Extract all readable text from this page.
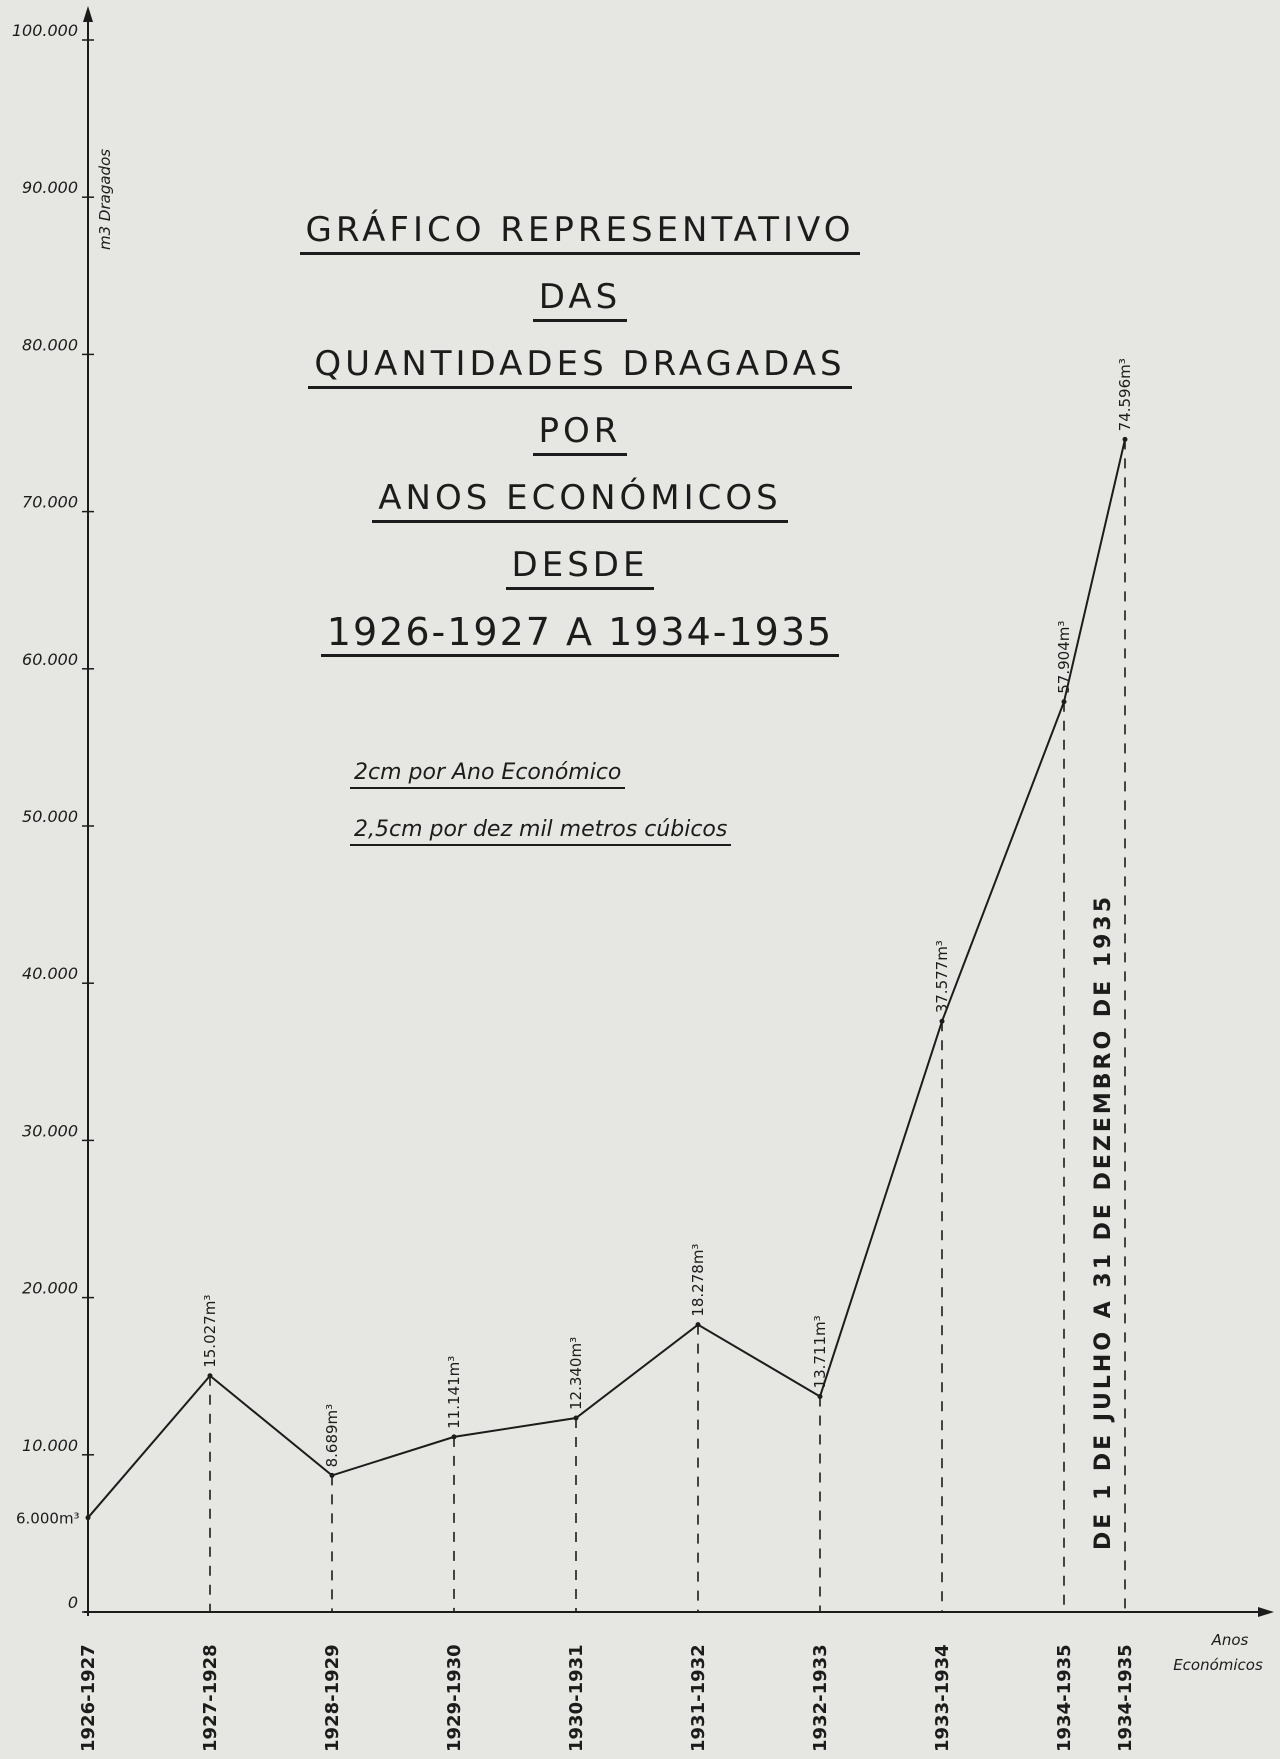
0
10.000
20.000
30.000
40.000
50.000
60.000
70.000
80.000
90.000
100.000
m3 Dragados
Anos
Económicos
1926-1927	1927-1928	1928-1929	1929-1930	1930-1931	1931-1932	1932-1933	1933-1934	1934-1935 1934-1935
6.000m³
15.027m³
8.689m³
11.141m³	12.340m³
18.278m³
13.711m³
37.577m³
57.904m³
74.596m³
DE 1 DE JULHO A 31 DE DEZEMBRO DE 1935
GRÁFICO REPRESENTATIVO
DAS
QUANTIDADES DRAGADAS
POR
ANOS ECONÓMICOS
DESDE
1926-1927 A 1934-1935
2cm por Ano Económico
2,5cm por dez mil metros cúbicos
